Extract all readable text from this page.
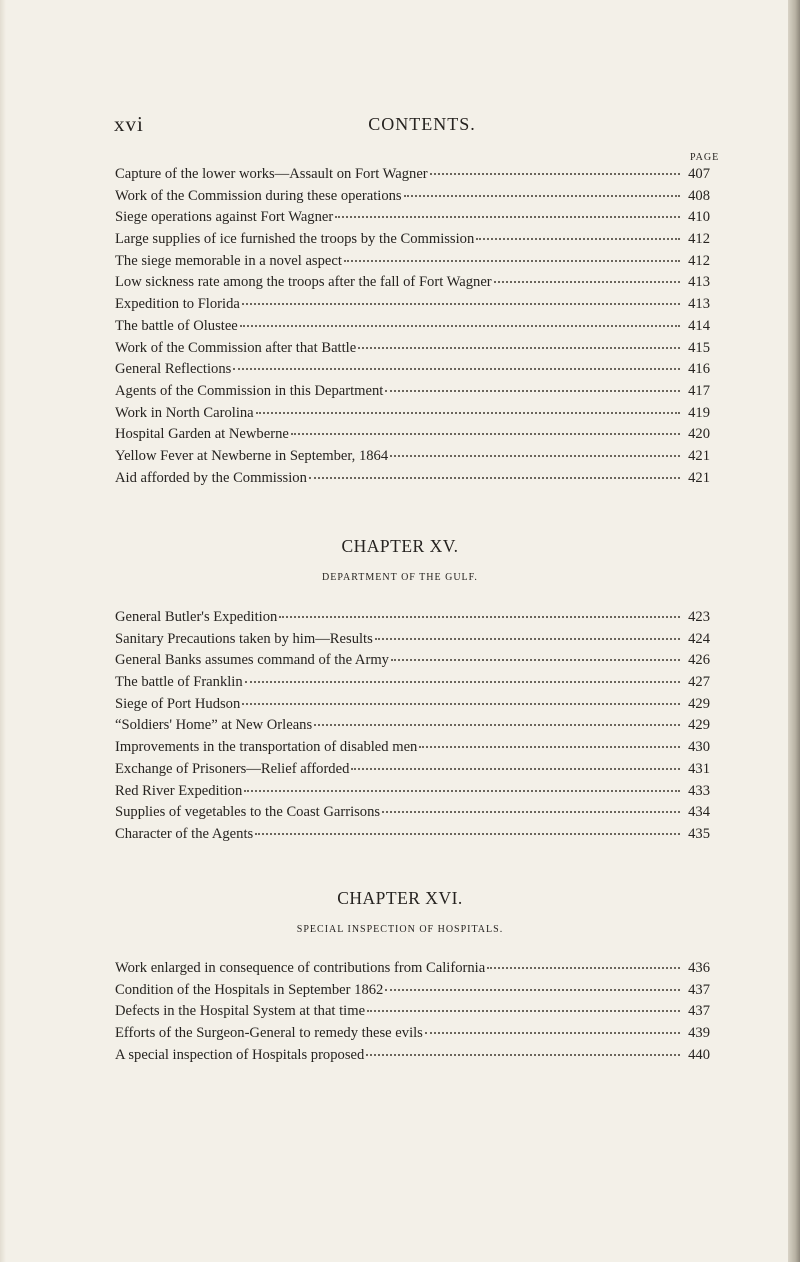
xvi	CONTENTS.
PAGE
Capture of the lower works—Assault on Fort Wagner	407
Work of the Commission during these operations	408
Siege operations against Fort Wagner	410
Large supplies of ice furnished the troops by the Commission	412
The siege memorable in a novel aspect	412
Low sickness rate among the troops after the fall of Fort Wagner	413
Expedition to Florida	413
The battle of Olustee	414
Work of the Commission after that Battle	415
General Reflections	416
Agents of the Commission in this Department	417
Work in North Carolina	419
Hospital Garden at Newberne	420
Yellow Fever at Newberne in September, 1864	421
Aid afforded by the Commission	421
CHAPTER XV.
DEPARTMENT OF THE GULF.
General Butler's Expedition	423
Sanitary Precautions taken by him—Results	424
General Banks assumes command of the Army	426
The battle of Franklin	427
Siege of Port Hudson	429
“Soldiers' Home” at New Orleans	429
Improvements in the transportation of disabled men	430
Exchange of Prisoners—Relief afforded	431
Red River Expedition	433
Supplies of vegetables to the Coast Garrisons	434
Character of the Agents	435
CHAPTER XVI.
SPECIAL INSPECTION OF HOSPITALS.
Work enlarged in consequence of contributions from California	436
Condition of the Hospitals in September 1862	437
Defects in the Hospital System at that time	437
Efforts of the Surgeon-General to remedy these evils	439
A special inspection of Hospitals proposed	440
